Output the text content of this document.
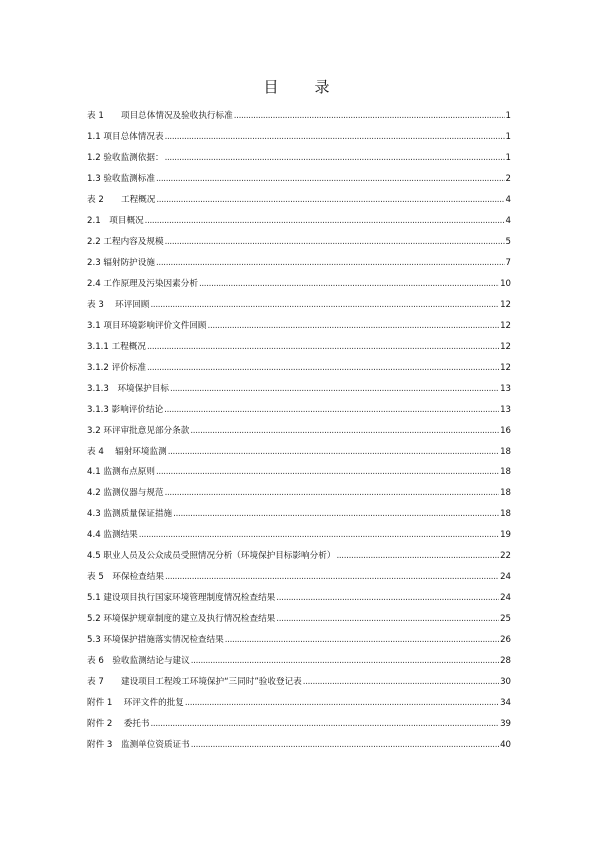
目　　录
表 1　　项目总体情况及验收执行标准 .....	1
1.1 项目总体情况表 .....	1
1.2 验收监测依据： .....	1
1.3 验收监测标准 .....	2
表 2　　工程概况 .....	4
2.1　项目概况 .....	4
2.2 工程内容及规模 .....	5
2.3 辐射防护设施 .....	7
2.4 工作原理及污染因素分析 .....	10
表 3　 环评回顾 .....	12
3.1 项目环境影响评价文件回顾 .....	12
3.1.1 工程概况 .....	12
3.1.2 评价标准 .....	12
3.1.3　环境保护目标 .....	13
3.1.3 影响评价结论 .....	13
3.2 环评审批意见部分条款 .....	16
表 4　 辐射环境监测 .....	18
4.1 监测布点原则 .....	18
4.2 监测仪器与规范 .....	18
4.3 监测质量保证措施 .....	18
4.4 监测结果 .....	19
4.5 职业人员及公众成员受照情况分析（环境保护目标影响分析） .....	22
表 5　环保检查结果 .....	24
5.1 建设项目执行国家环境管理制度情况检查结果 .....	24
5.2 环境保护规章制度的建立及执行情况检查结果 .....	25
5.3 环境保护措施落实情况检查结果 .....	26
表 6　验收监测结论与建议 .....	28
表 7　　建设项目工程竣工环境保护“三同时”验收登记表 .....	30
附件 1　 环评文件的批复 .....	34
附件 2　 委托书 .....	39
附件 3　监测单位资质证书 .....	40
